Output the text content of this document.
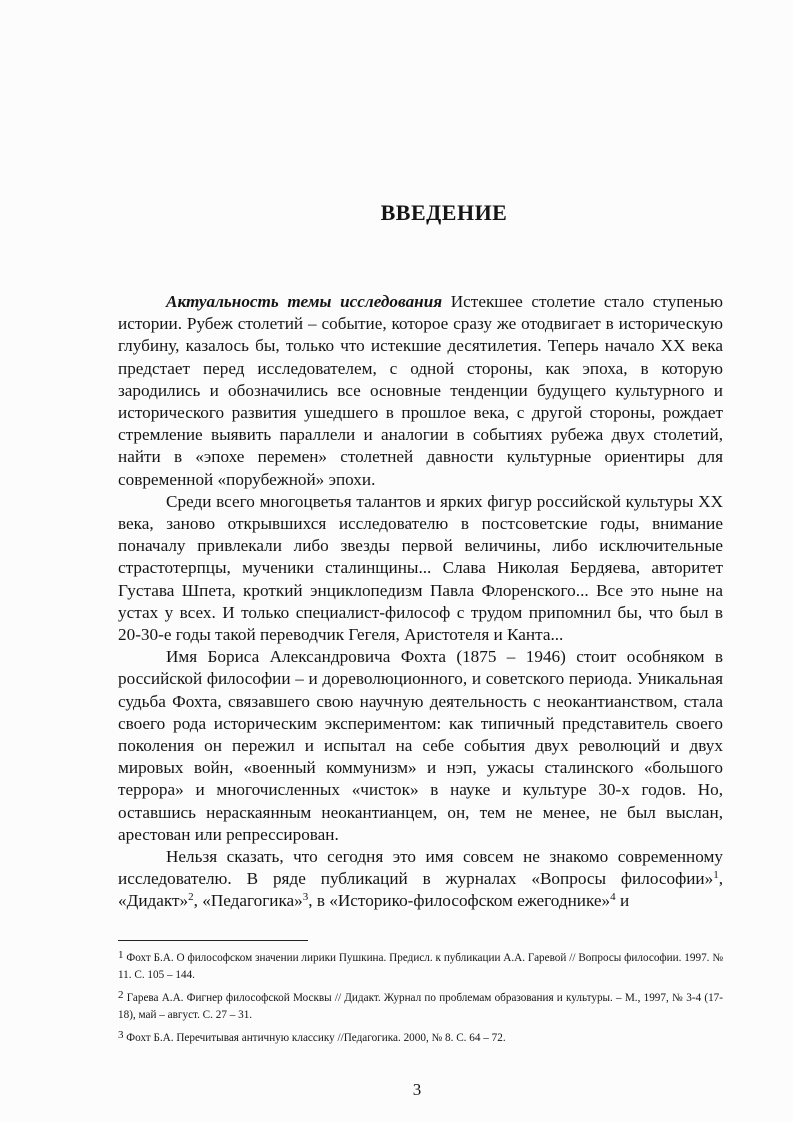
ВВЕДЕНИЕ

Актуальность темы исследования Истекшее столетие стало ступенью истории. Рубеж столетий – событие, которое сразу же отодвигает в историческую глубину, казалось бы, только что истекшие десятилетия. Теперь начало ХХ века предстает перед исследователем, с одной стороны, как эпоха, в которую зародились и обозначились все основные тенденции будущего культурного и исторического развития ушедшего в прошлое века, с другой стороны, рождает стремление выявить параллели и аналогии в событиях рубежа двух столетий, найти в «эпохе перемен» столетней давности культурные ориентиры для современной «порубежной» эпохи.

Среди всего многоцветья талантов и ярких фигур российской культуры ХХ века, заново открывшихся исследователю в постсоветские годы, внимание поначалу привлекали либо звезды первой величины, либо исключительные страстотерпцы, мученики сталинщины... Слава Николая Бердяева, авторитет Густава Шпета, кроткий энциклопедизм Павла Флоренского... Все это ныне на устах у всех. И только специалист-философ с трудом припомнил бы, что был в 20-30-е годы такой переводчик Гегеля, Аристотеля и Канта...

Имя Бориса Александровича Фохта (1875 – 1946) стоит особняком в российской философии – и дореволюционного, и советского периода. Уникальная судьба Фохта, связавшего свою научную деятельность с неокантианством, стала своего рода историческим экспериментом: как типичный представитель своего поколения он пережил и испытал на себе события двух революций и двух мировых войн, «военный коммунизм» и нэп, ужасы сталинского «большого террора» и многочисленных «чисток» в науке и культуре 30-х годов. Но, оставшись нераскаянным неокантианцем, он, тем не менее, не был выслан, арестован или репрессирован.

Нельзя сказать, что сегодня это имя совсем не знакомо современному исследователю. В ряде публикаций в журналах «Вопросы философии»$^1$, «Дидакт»$^2$, «Педагогика»$^3$, в «Историко-философском ежегоднике»$^4$ и

$^1$ Фохт Б.А. О философском значении лирики Пушкина. Предисл. к публикации А.А. Гаревой // Вопросы философии. 1997. № 11. С. 105 – 144.
$^2$ Гарева А.А. Фигнер философской Москвы // Дидакт. Журнал по проблемам образования и культуры. – М., 1997, № 3-4 (17-18), май – август. С. 27 – 31.
$^3$ Фохт Б.А. Перечитывая античную классику //Педагогика. 2000, № 8. С. 64 – 72.
3
